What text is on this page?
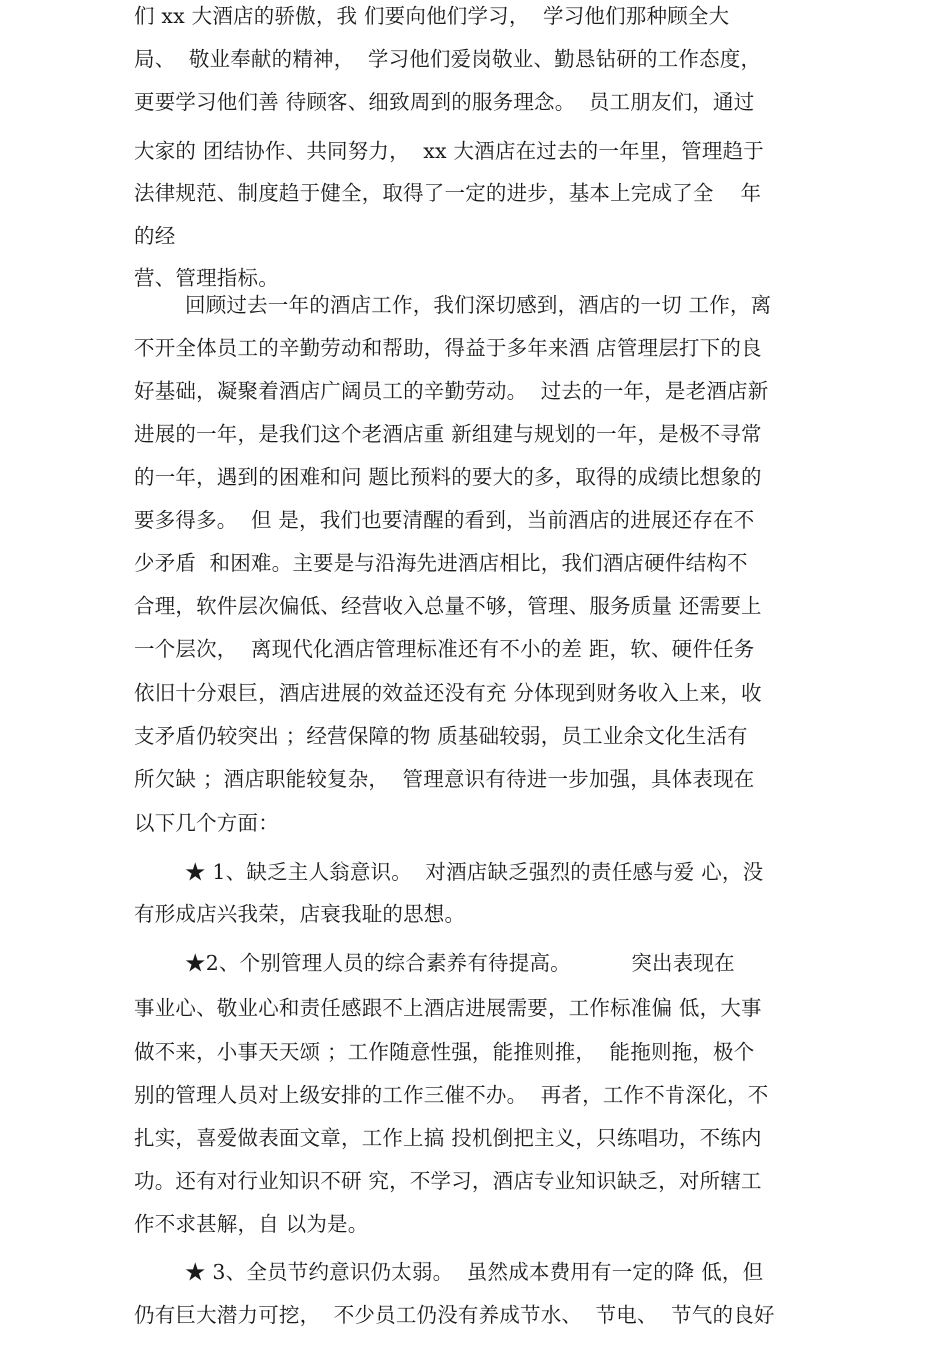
们 xx 大酒店的骄傲，我 们要向他们学习，  学习他们那种顾全大

局、  敬业奉献的精神，  学习他们爱岗敬业、勤恳钻研的工作态度，

更要学习他们善 待顾客、细致周到的服务理念。  员工朋友们，通过

大家的 团结协作、共同努力，  xx 大酒店在过去的一年里，管理趋于

法律规范、制度趋于健全，取得了一定的进步，基本上完成了全    年

的经

营、管理指标。

回顾过去一年的酒店工作，我们深切感到，酒店的一切 工作，离

不开全体员工的辛勤劳动和帮助，得益于多年来酒 店管理层打下的良

好基础，凝聚着酒店广阔员工的辛勤劳动。  过去的一年，是老酒店新

进展的一年，是我们这个老酒店重 新组建与规划的一年，是极不寻常

的一年，遇到的困难和问 题比预料的要大的多，取得的成绩比想象的

要多得多。  但 是，我们也要清醒的看到，当前酒店的进展还存在不

少矛盾  和困难。主要是与沿海先进酒店相比，我们酒店硬件结构不

合理，软件层次偏低、经营收入总量不够，管理、服务质量 还需要上

一个层次，  离现代化酒店管理标准还有不小的差 距，软、硬件任务

依旧十分艰巨，酒店进展的效益还没有充 分体现到财务收入上来，收

支矛盾仍较突出 ；经营保障的物 质基础较弱，员工业余文化生活有

所欠缺 ；酒店职能较复杂，  管理意识有待进一步加强，具体表现在

以下几个方面：

★ 1、缺乏主人翁意识。  对酒店缺乏强烈的责任感与爱 心，没

有形成店兴我荣，店衰我耻的思想。

★2、个别管理人员的综合素养有待提高。         突出表现在

事业心、敬业心和责任感跟不上酒店进展需要，工作标准偏 低，大事

做不来，小事天天颂 ；工作随意性强，能推则推，  能拖则拖，极个

别的管理人员对上级安排的工作三催不办。  再者，工作不肯深化，不

扎实，喜爱做表面文章，工作上搞 投机倒把主义，只练唱功，不练内

功。还有对行业知识不研 究，不学习，酒店专业知识缺乏，对所辖工

作不求甚解，自 以为是。

★ 3、全员节约意识仍太弱。  虽然成本费用有一定的降 低，但

仍有巨大潜力可挖，  不少员工仍没有养成节水、  节电、  节气的良好
